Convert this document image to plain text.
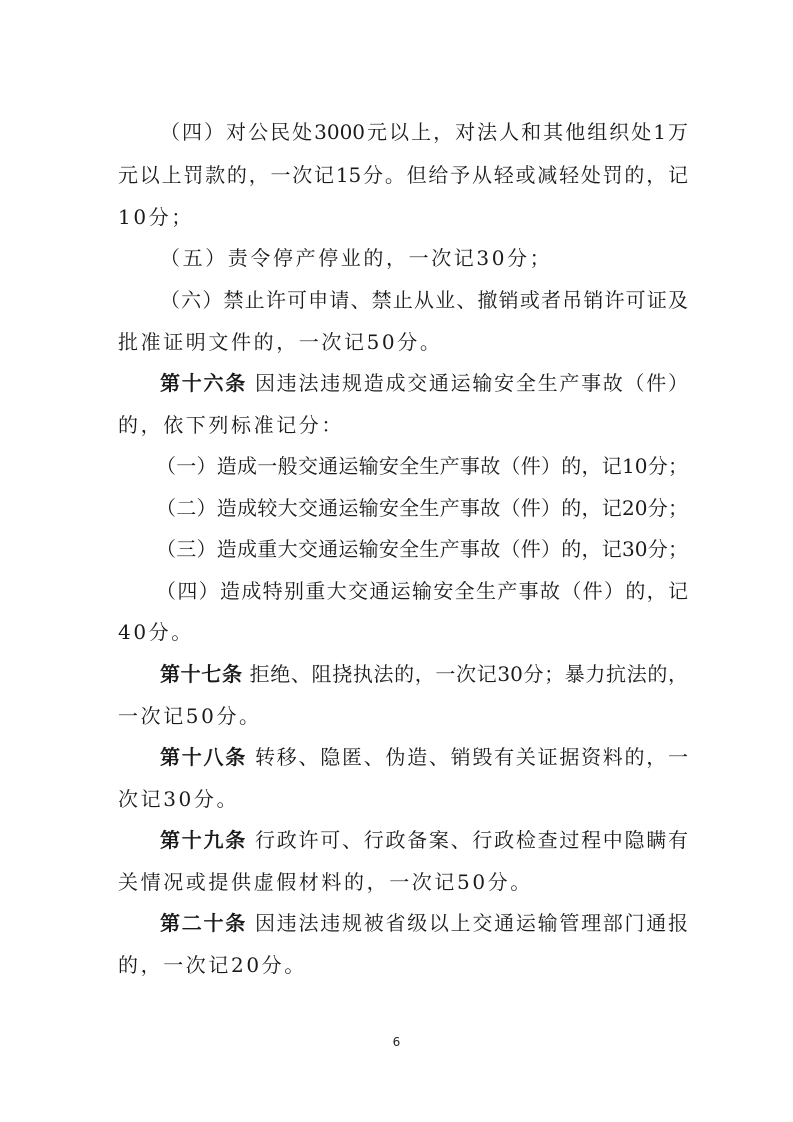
（四）对公民处3000元以上，对法人和其他组织处1万
元以上罚款的，一次记15分。但给予从轻或减轻处罚的，记
10分；
（五）责令停产停业的，一次记30分；
（六）禁止许可申请、禁止从业、撤销或者吊销许可证及
批准证明文件的，一次记50分。
第十六条 因违法违规造成交通运输安全生产事故（件）
的，依下列标准记分：
（一）造成一般交通运输安全生产事故（件）的，记10分；
（二）造成较大交通运输安全生产事故（件）的，记20分；
（三）造成重大交通运输安全生产事故（件）的，记30分；
（四）造成特别重大交通运输安全生产事故（件）的，记
40分。
第十七条 拒绝、阻挠执法的，一次记30分；暴力抗法的，
一次记50分。
第十八条 转移、隐匿、伪造、销毁有关证据资料的，一
次记30分。
第十九条 行政许可、行政备案、行政检查过程中隐瞒有
关情况或提供虚假材料的，一次记50分。
第二十条 因违法违规被省级以上交通运输管理部门通报
的，一次记20分。
6
